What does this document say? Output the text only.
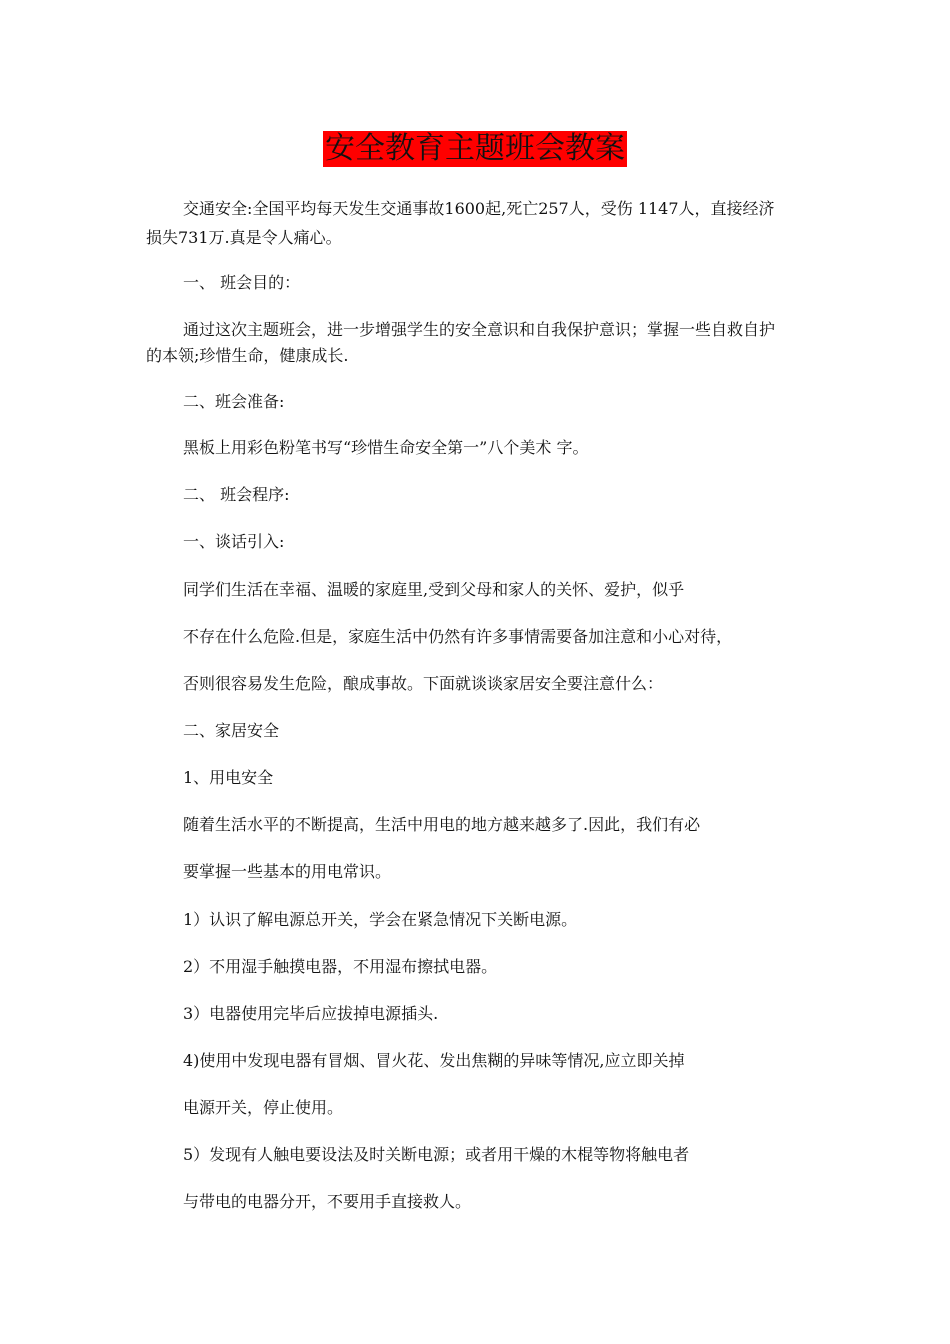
安全教育主题班会教案
交通安全:全国平均每天发生交通事故1600起,死亡257人，受伤 1147人，直接经济
损失731万.真是令人痛心。
一、 班会目的：
通过这次主题班会，进一步增强学生的安全意识和自我保护意识；掌握一些自救自护
的本领;珍惜生命，健康成长.
二、班会准备:
黑板上用彩色粉笔书写“珍惜生命安全第一”八个美术 字。
二、 班会程序:
一、谈话引入:
同学们生活在幸福、温暖的家庭里,受到父母和家人的关怀、爱护，似乎
不存在什么危险.但是，家庭生活中仍然有许多事情需要备加注意和小心对待，
否则很容易发生危险，酿成事故。下面就谈谈家居安全要注意什么：
二、家居安全
1、用电安全
随着生活水平的不断提高，生活中用电的地方越来越多了.因此，我们有必
要掌握一些基本的用电常识。
1）认识了解电源总开关，学会在紧急情况下关断电源。
2）不用湿手触摸电器，不用湿布擦拭电器。
3）电器使用完毕后应拔掉电源插头.
4)使用中发现电器有冒烟、冒火花、发出焦糊的异味等情况,应立即关掉
电源开关，停止使用。
5）发现有人触电要设法及时关断电源；或者用干燥的木棍等物将触电者
与带电的电器分开，不要用手直接救人。
